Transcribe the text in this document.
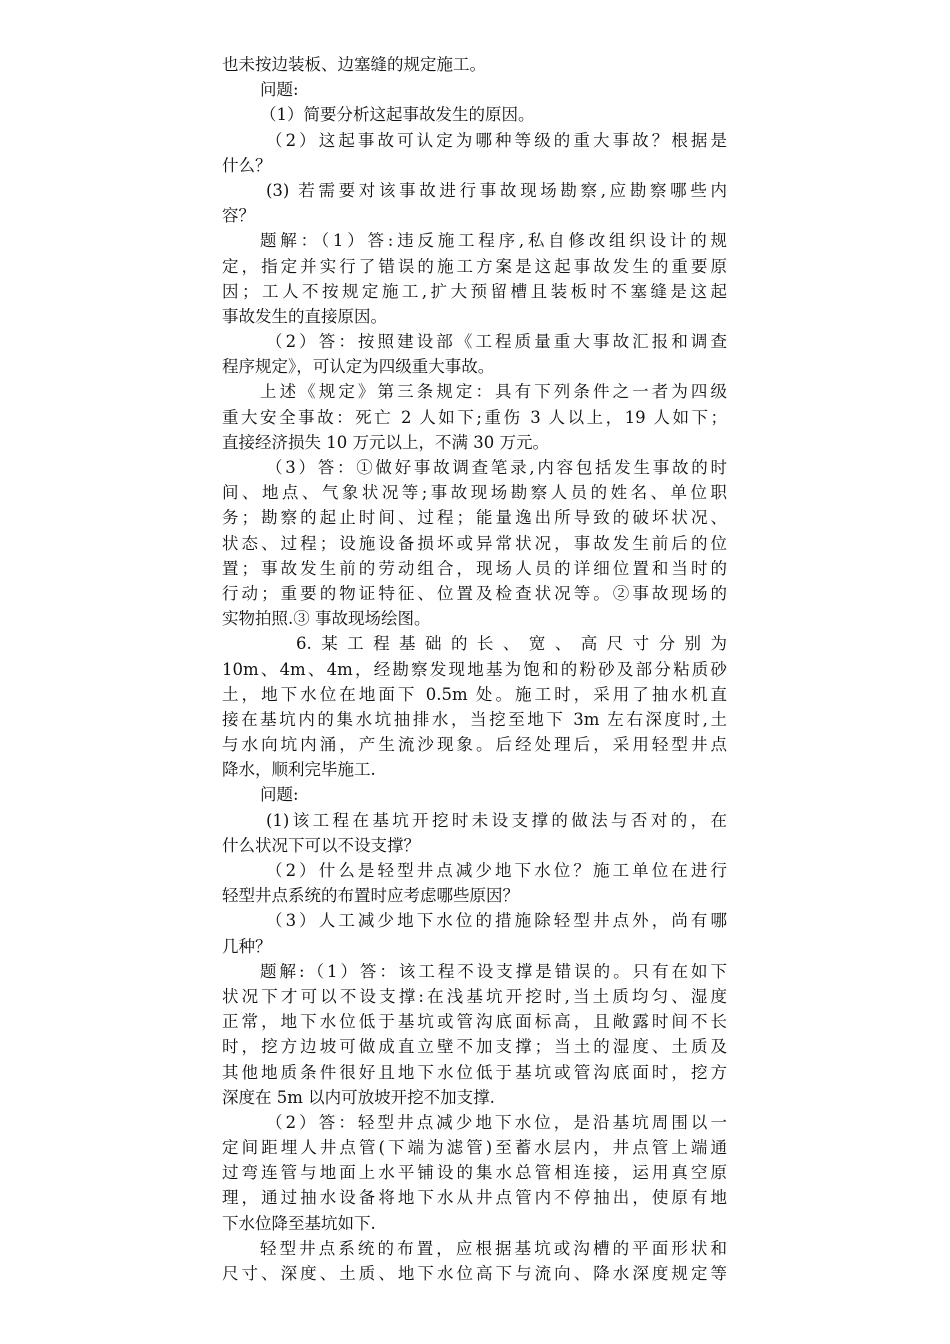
也未按边装板、边塞缝的规定施工。
问题:
（1）简要分析这起事故发生的原因。
（2）这起事故可认定为哪种等级的重大事故？根据是
什么？
(3) 若需要对该事故进行事故现场勘察,应勘察哪些内
容？
题解：（1）答:违反施工程序,私自修改组织设计的规
定，指定并实行了错误的施工方案是这起事故发生的重要原
因；工人不按规定施工,扩大预留槽且装板时不塞缝是这起
事故发生的直接原因。
（2）答：按照建设部《工程质量重大事故汇报和调查
程序规定》，可认定为四级重大事故。
上述《规定》第三条规定：具有下列条件之一者为四级
重大安全事故：死亡 2 人如下;重伤 3 人以上，19 人如下；
直接经济损失 10 万元以上，不满 30 万元。
（3）答：①做好事故调查笔录,内容包括发生事故的时
间、地点、气象状况等;事故现场勘察人员的姓名、单位职
务；勘察的起止时间、过程；能量逸出所导致的破坏状况、
状态、过程；设施设备损坏或异常状况，事故发生前后的位
置；事故发生前的劳动组合，现场人员的详细位置和当时的
行动；重要的物证特征、位置及检查状况等。②事故现场的
实物拍照.③ 事故现场绘图。
6.某工程基础的长、宽、高尺寸分别为
10m、4m、4m，经勘察发现地基为饱和的粉砂及部分粘质砂
土，地下水位在地面下 0.5m 处。施工时，采用了抽水机直
接在基坑内的集水坑抽排水，当挖至地下 3m 左右深度时,土
与水向坑内涌，产生流沙现象。后经处理后，采用轻型井点
降水，顺利完毕施工.
问题:
(1)该工程在基坑开挖时未设支撑的做法与否对的，在
什么状况下可以不设支撑？
（2）什么是轻型井点减少地下水位？施工单位在进行
轻型井点系统的布置时应考虑哪些原因？
（3）人工减少地下水位的措施除轻型井点外，尚有哪
几种？
题解:（1）答：该工程不设支撑是错误的。只有在如下
状况下才可以不设支撑:在浅基坑开挖时,当土质均匀、湿度
正常，地下水位低于基坑或管沟底面标高，且敞露时间不长
时，挖方边坡可做成直立壁不加支撑；当土的湿度、土质及
其他地质条件很好且地下水位低于基坑或管沟底面时，挖方
深度在 5m 以内可放坡开挖不加支撑.
（2）答：轻型井点减少地下水位，是沿基坑周围以一
定间距埋人井点管(下端为滤管)至蓄水层内，井点管上端通
过弯连管与地面上水平铺设的集水总管相连接，运用真空原
理，通过抽水设备将地下水从井点管内不停抽出，使原有地
下水位降至基坑如下.
轻型井点系统的布置，应根据基坑或沟槽的平面形状和
尺寸、深度、土质、地下水位高下与流向、降水深度规定等
